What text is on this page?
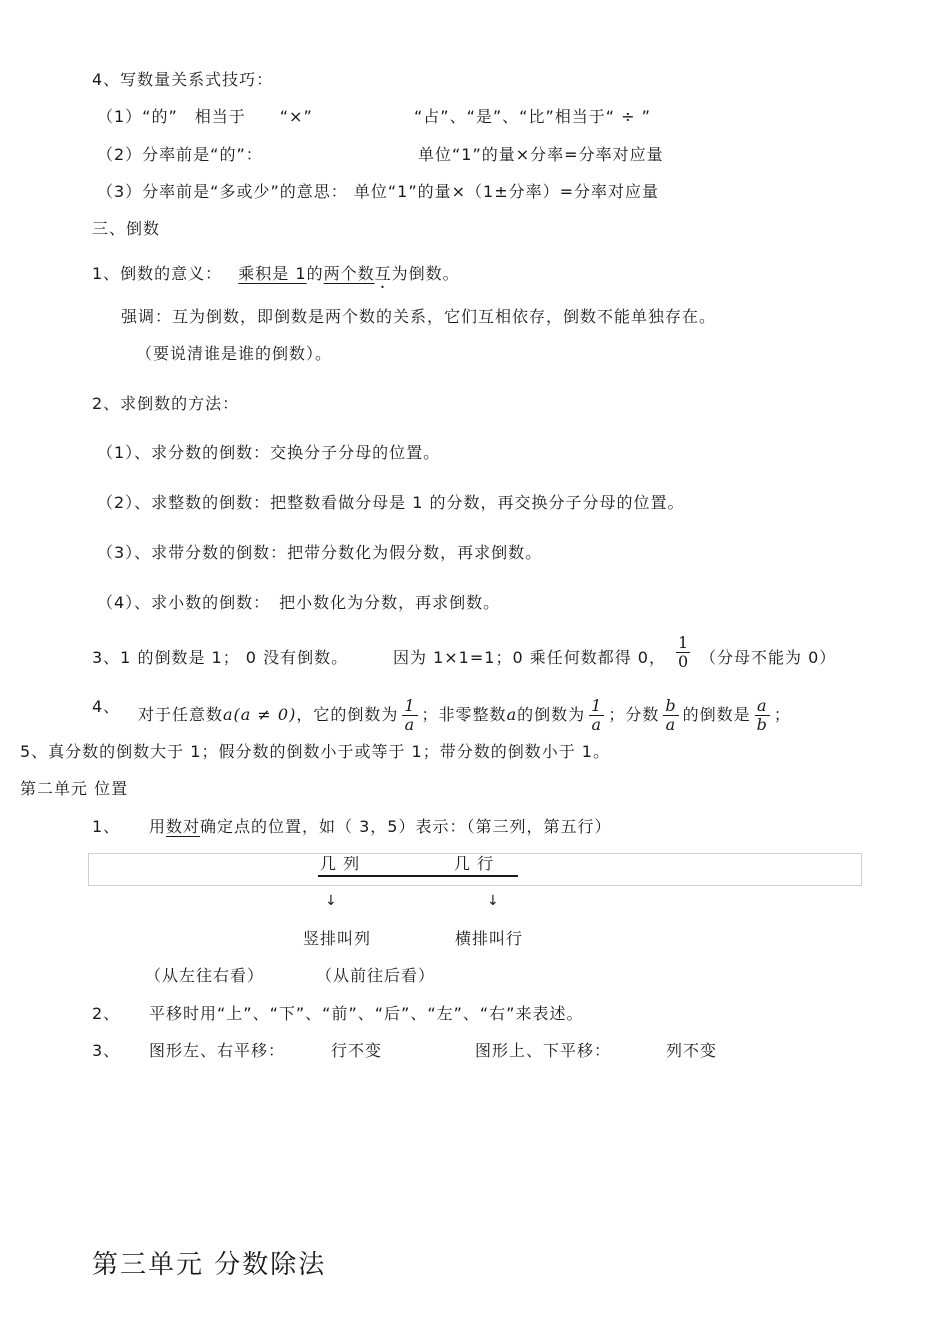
4、写数量关系式技巧：
（1）“的”　相当于　　“×”	“占”、“是”、“比”相当于“ ÷ ”
（2）分率前是“的”：	单位“1”的量×分率=分率对应量
（3）分率前是“多或少”的意思： 单位“1”的量×（1±分率）=分率对应量
三、倒数
1、倒数的意义： 乘积是 1的两个数互为倒数。
强调：互为倒数，即倒数是两个数的关系，它们互相依存，倒数不能单独存在。
（要说清谁是谁的倒数）。
2、求倒数的方法：
（1）、求分数的倒数：交换分子分母的位置。
（2）、求整数的倒数：把整数看做分母是 1 的分数，再交换分子分母的位置。
（3）、求带分数的倒数：把带分数化为假分数，再求倒数。
（4）、求小数的倒数：　把小数化为分数，再求倒数。
3、1 的倒数是 1； 0 没有倒数。	因为 1×1=1；0 乘任何数都得 0， $\frac{1}{0}$ （分母不能为 0）
4、 对于任意数a(a ≠ 0)，它的倒数为 $\frac{1}{a}$ ；非零整数a的倒数为 $\frac{1}{a}$ ；分数 $\frac{b}{a}$ 的倒数是 $\frac{a}{b}$ ；
5、真分数的倒数大于 1；假分数的倒数小于或等于 1；带分数的倒数小于 1。
第二单元 位置
1、 用数对确定点的位置，如（ 3，5）表示：（第三列，第五行）
几 列	几 行
↓	↓
竖排叫列	横排叫行
（从左往右看）	（从前往后看）
2、 平移时用“上”、“下”、“前”、“后”、“左”、“右”来表述。
3、 图形左、右平移：	行不变	图形上、下平移：	列不变
第三单元 分数除法
